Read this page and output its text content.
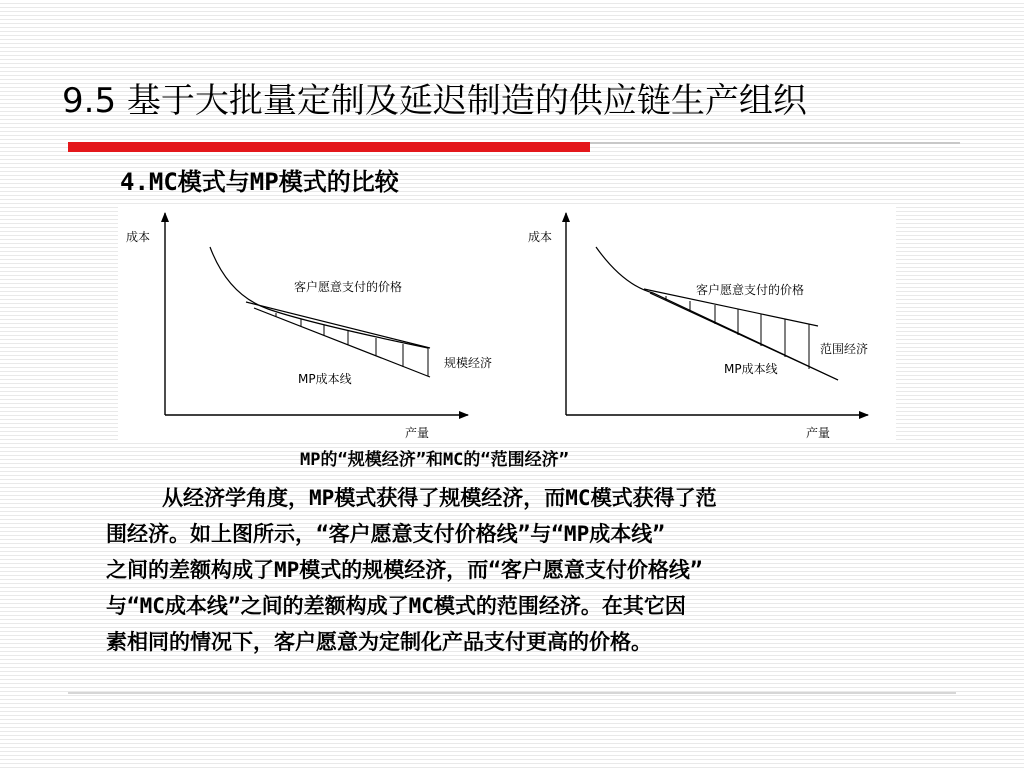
9.5 基于大批量定制及延迟制造的供应链生产组织
4.MC模式与MP模式的比较
成本
产量
客户愿意支付的价格
MP成本线
规模经济
成本
产量
客户愿意支付的价格
MP成本线
范围经济
MP的“规模经济”和MC的“范围经济”
从经济学角度，MP模式获得了规模经济，而MC模式获得了范
围经济。如上图所示，“客户愿意支付价格线”与“MP成本线”
之间的差额构成了MP模式的规模经济，而“客户愿意支付价格线”
与“MC成本线”之间的差额构成了MC模式的范围经济。在其它因
素相同的情况下，客户愿意为定制化产品支付更高的价格。
